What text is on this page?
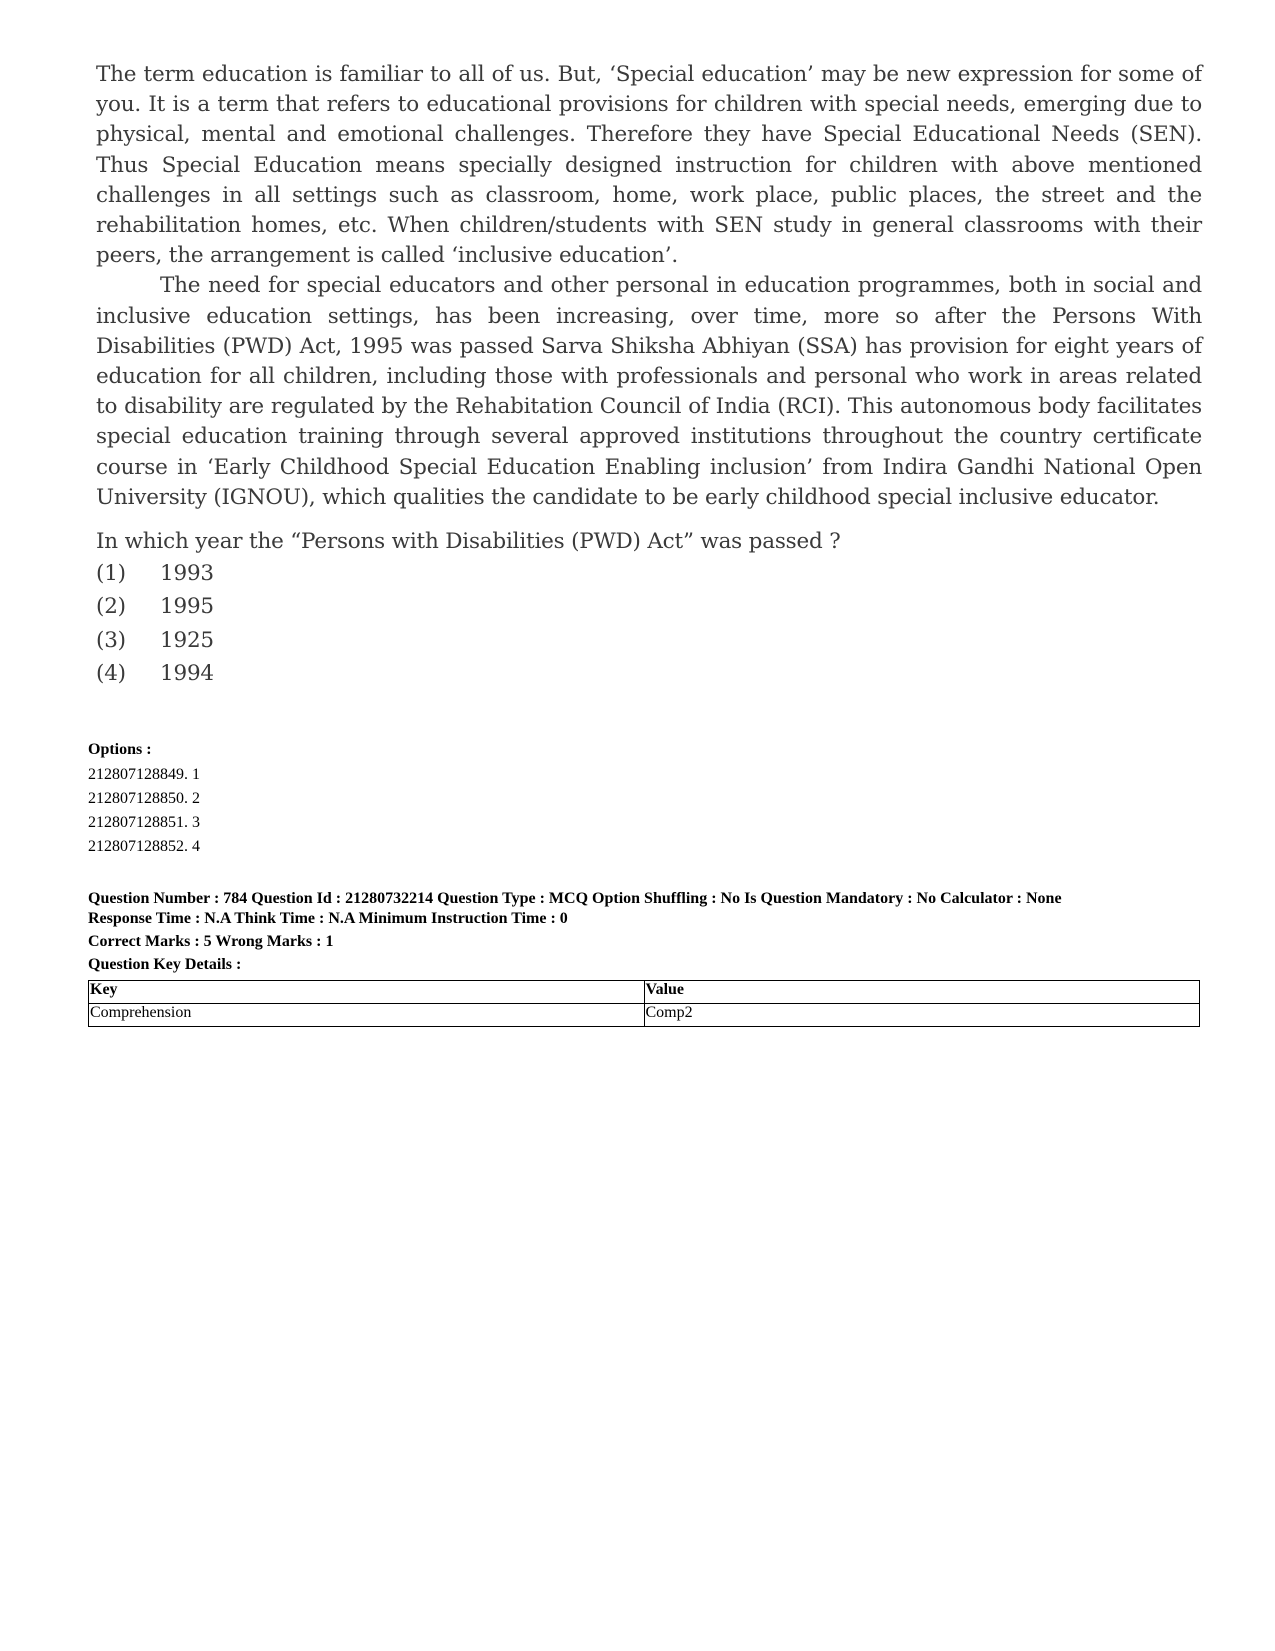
The term education is familiar to all of us. But, ‘Special education’ may be new expression for some of you. It is a term that refers to educational provisions for children with special needs, emerging due to physical, mental and emotional challenges. Therefore they have Special Educational Needs (SEN). Thus Special Education means specially designed instruction for children with above mentioned challenges in all settings such as classroom, home, work place, public places, the street and the rehabilitation homes, etc. When children/students with SEN study in general classrooms with their peers, the arrangement is called ‘inclusive education’.

The need for special educators and other personal in education programmes, both in social and inclusive education settings, has been increasing, over time, more so after the Persons With Disabilities (PWD) Act, 1995 was passed Sarva Shiksha Abhiyan (SSA) has provision for eight years of education for all children, including those with professionals and personal who work in areas related to disability are regulated by the Rehabitation Council of India (RCI). This autonomous body facilitates special education training through several approved institutions throughout the country certificate course in ‘Early Childhood Special Education Enabling inclusion’ from Indira Gandhi National Open University (IGNOU), which qualities the candidate to be early childhood special inclusive educator.

In which year the “Persons with Disabilities (PWD) Act” was passed ?

(1)	1993
(2)	1995
(3)	1925
(4)	1994
Options :
212807128849. 1
212807128850. 2
212807128851. 3
212807128852. 4
Question Number : 784 Question Id : 21280732214 Question Type : MCQ Option Shuffling : No Is Question Mandatory : No Calculator : None
Response Time : N.A Think Time : N.A Minimum Instruction Time : 0
Correct Marks : 5 Wrong Marks : 1
Question Key Details :
Key	Value
Comprehension	Comp2
